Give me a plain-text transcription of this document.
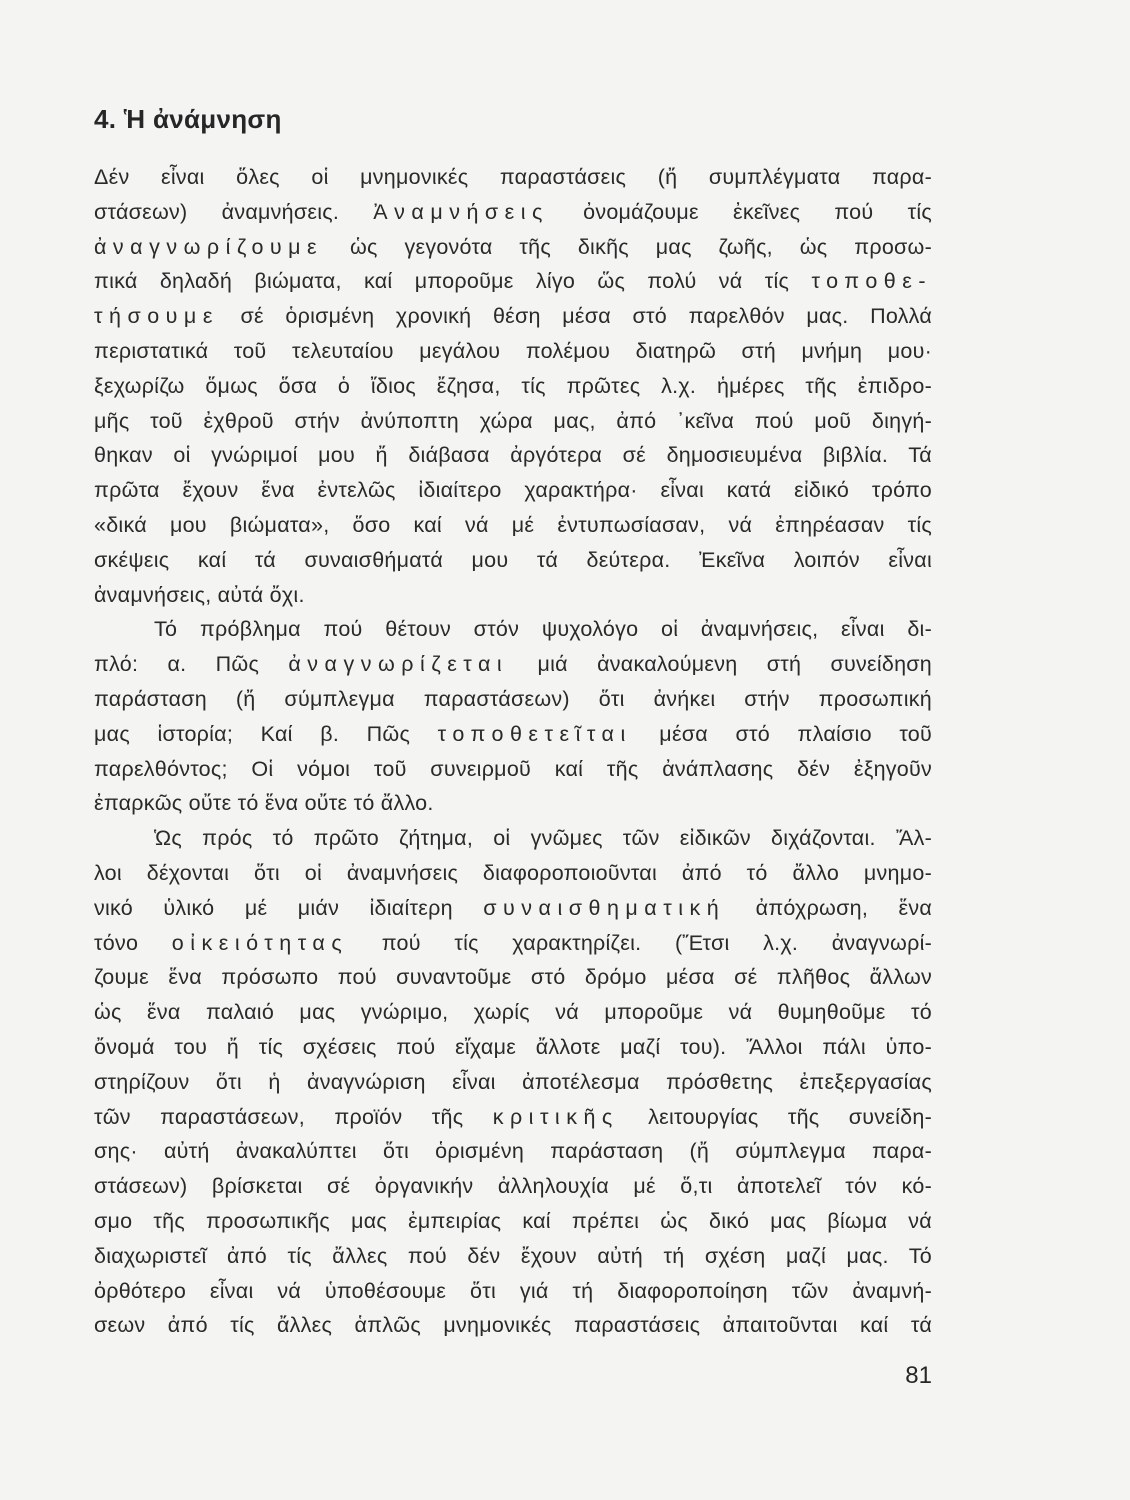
4. Ἡ ἀνάμνηση
Δέν εἶναι ὅλες οἱ μνημονικές παραστάσεις (ἤ συμπλέγματα παρα-
στάσεων) ἀναμνήσεις. Ἀναμνήσεις ὀνομάζουμε ἐκεῖνες πού τίς
ἀναγνωρίζουμε ὡς γεγονότα τῆς δικῆς μας ζωῆς, ὡς προσω-
πικά δηλαδή βιώματα, καί μποροῦμε λίγο ὥς πολύ νά τίς τοποθε-
τήσουμε σέ ὁρισμένη χρονική θέση μέσα στό παρελθόν μας. Πολλά
περιστατικά τοῦ τελευταίου μεγάλου πολέμου διατηρῶ στή μνήμη μου·
ξεχωρίζω ὅμως ὅσα ὁ ἴδιος ἔζησα, τίς πρῶτες λ.χ. ἡμέρες τῆς ἐπιδρο-
μῆς τοῦ ἐχθροῦ στήν ἀνύποπτη χώρα μας, ἀπό ᾿κεῖνα πού μοῦ διηγή-
θηκαν οἱ γνώριμοί μου ἤ διάβασα ἀργότερα σέ δημοσιευμένα βιβλία. Τά
πρῶτα ἔχουν ἕνα ἐντελῶς ἰδιαίτερο χαρακτήρα· εἶναι κατά εἰδικό τρόπο
«δικά μου βιώματα», ὅσο καί νά μέ ἐντυπωσίασαν, νά ἐπηρέασαν τίς
σκέψεις καί τά συναισθήματά μου τά δεύτερα. Ἐκεῖνα λοιπόν εἶναι
ἀναμνήσεις, αὐτά ὄχι.
Τό πρόβλημα πού θέτουν στόν ψυχολόγο οἱ ἀναμνήσεις, εἶναι δι-
πλό: α. Πῶς ἀναγνωρίζεται μιά ἀνακαλούμενη στή συνείδηση
παράσταση (ἤ σύμπλεγμα παραστάσεων) ὅτι ἀνήκει στήν προσωπική
μας ἱστορία; Καί β. Πῶς τοποθετεῖται μέσα στό πλαίσιο τοῦ
παρελθόντος; Οἱ νόμοι τοῦ συνειρμοῦ καί τῆς ἀνάπλασης δέν ἐξηγοῦν
ἐπαρκῶς οὔτε τό ἕνα οὔτε τό ἄλλο.
Ὡς πρός τό πρῶτο ζήτημα, οἱ γνῶμες τῶν εἰδικῶν διχάζονται. Ἄλ-
λοι δέχονται ὅτι οἱ ἀναμνήσεις διαφοροποιοῦνται ἀπό τό ἄλλο μνημο-
νικό ὑλικό μέ μιάν ἰδιαίτερη συναισθηματική ἀπόχρωση, ἕνα
τόνο οἰκειότητας πού τίς χαρακτηρίζει. (Ἔτσι λ.χ. ἀναγνωρί-
ζουμε ἕνα πρόσωπο πού συναντοῦμε στό δρόμο μέσα σέ πλῆθος ἄλλων
ὡς ἕνα παλαιό μας γνώριμο, χωρίς νά μποροῦμε νά θυμηθοῦμε τό
ὄνομά του ἤ τίς σχέσεις πού εἴχαμε ἄλλοτε μαζί του). Ἄλλοι πάλι ὑπο-
στηρίζουν ὅτι ἡ ἀναγνώριση εἶναι ἀποτέλεσμα πρόσθετης ἐπεξεργασίας
τῶν παραστάσεων, προϊόν τῆς κριτικῆς λειτουργίας τῆς συνείδη-
σης· αὐτή ἀνακαλύπτει ὅτι ὁρισμένη παράσταση (ἤ σύμπλεγμα παρα-
στάσεων) βρίσκεται σέ ὀργανικήν ἀλληλουχία μέ ὅ,τι ἀποτελεῖ τόν κό-
σμο τῆς προσωπικῆς μας ἐμπειρίας καί πρέπει ὡς δικό μας βίωμα νά
διαχωριστεῖ ἀπό τίς ἄλλες πού δέν ἔχουν αὐτή τή σχέση μαζί μας. Τό
ὀρθότερο εἶναι νά ὑποθέσουμε ὅτι γιά τή διαφοροποίηση τῶν ἀναμνή-
σεων ἀπό τίς ἄλλες ἁπλῶς μνημονικές παραστάσεις ἀπαιτοῦνται καί τά
81
